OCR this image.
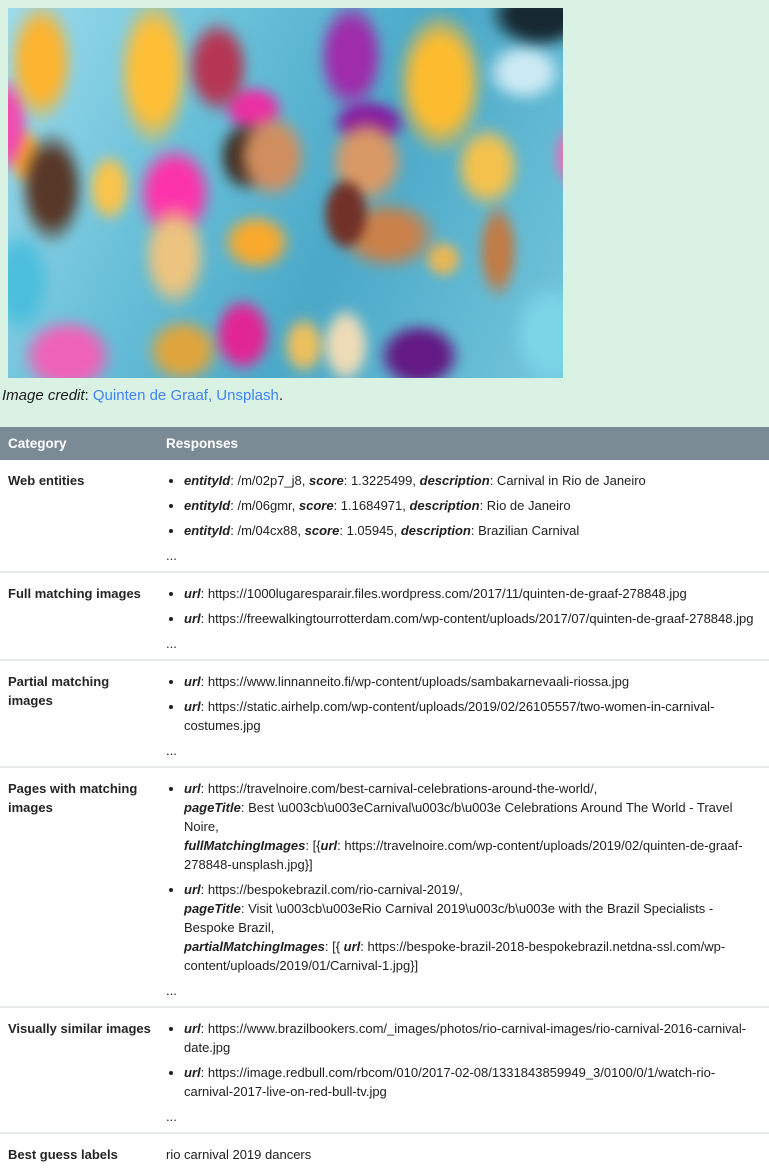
Image credit: Quinten de Graaf, Unsplash.
Category	Responses
Web entities	
•entityId: /m/02p7_j8, score: 1.3225499, description: Carnival in Rio de Janeiro
• entityId: /m/06gmr, score: 1.1684971, description: Rio de Janeiro
• entityId: /m/04cx88, score: 1.05945, description: Brazilian Carnival
...

Full matching images	
•url: https://1000lugaresparair.files.wordpress.com/2017/11/quinten-de-graaf-278848.jpg
• url: https://freewalkingtourrotterdam.com/wp-content/uploads/2017/07/quinten-de-graaf-278848.jpg
...

Partial matching images	
• url: https://www.linnanneito.fi/wp-content/uploads/sambakarnevaali-riossa.jpg
• url: https://static.airhelp.com/wp-content/uploads/2019/02/26105557/two-women-in-carnival-costumes.jpg
...

Pages with matching images	
• url: https://travelnoire.com/best-carnival-celebrations-around-the-world/,
pageTitle: Best \u003cb\u003eCarnival\u003c/b\u003e Celebrations Around The World - Travel Noire,
fullMatchingImages: [{url: https://travelnoire.com/wp-content/uploads/2019/02/quinten-de-graaf-278848-unsplash.jpg}]
• url: https://bespokebrazil.com/rio-carnival-2019/,
pageTitle: Visit \u003cb\u003eRio Carnival 2019\u003c/b\u003e with the Brazil Specialists - Bespoke Brazil,
partialMatchingImages: [{ url: https://bespoke-brazil-2018-bespokebrazil.netdna-ssl.com/wp-content/uploads/2019/01/Carnival-1.jpg}]
...

Visually similar images	
•url: https://www.brazilbookers.com/_images/photos/rio-carnival-images/rio-carnival-2016-carnival-date.jpg
• url: https://image.redbull.com/rbcom/010/2017-02-08/1331843859949_3/0100/0/1/watch-rio-carnival-2017-live-on-red-bull-tv.jpg
...

Best guess labels	rio carnival 2019 dancers
